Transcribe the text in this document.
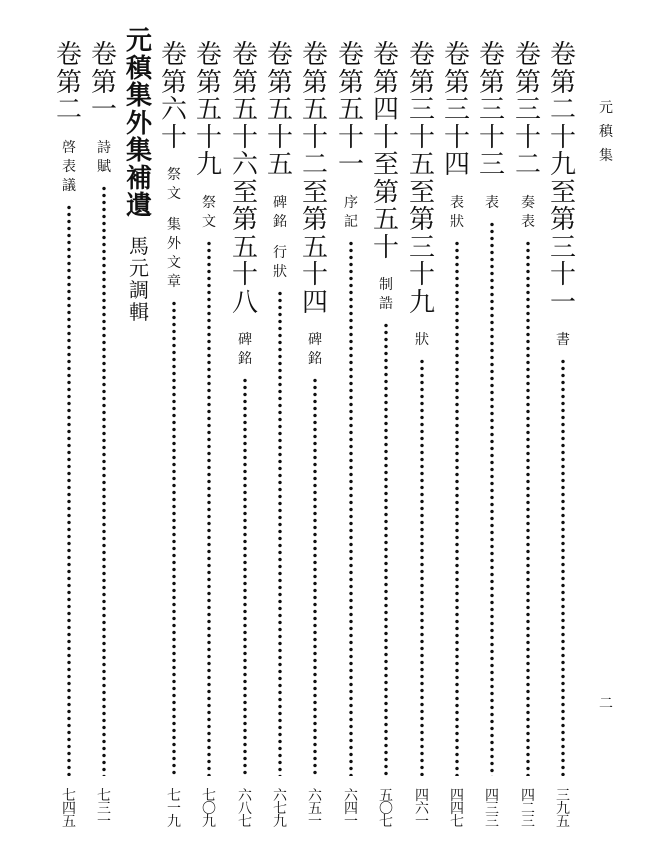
元
稹
集
二
卷
第
二
十
九
至
第
三
十
一
書
三
九
五
卷
第
三
十
二
奏
表
四
二
三
卷
第
三
十
三
表
四
三
三
卷
第
三
十
四
表
狀
四
四
七
卷
第
三
十
五
至
第
三
十
九
狀
四
六
一
卷
第
四
十
至
第
五
十
制
誥
五
〇
七
卷
第
五
十
一
序
記
六
四
一
卷
第
五
十
二
至
第
五
十
四
碑
銘
六
五
一
卷
第
五
十
五
碑
銘

行
狀
六
七
九
卷
第
五
十
六
至
第
五
十
八
碑
銘
六
八
七
卷
第
五
十
九
祭
文
七
〇
九
卷
第
六
十
祭
文

集
外
文
章
七
一
九
元
稹
集
外
集
補
遺
馬
元
調
輯
卷
第
一
詩
賦
七
三
一
卷
第
二
啓
表
議
七
四
五
